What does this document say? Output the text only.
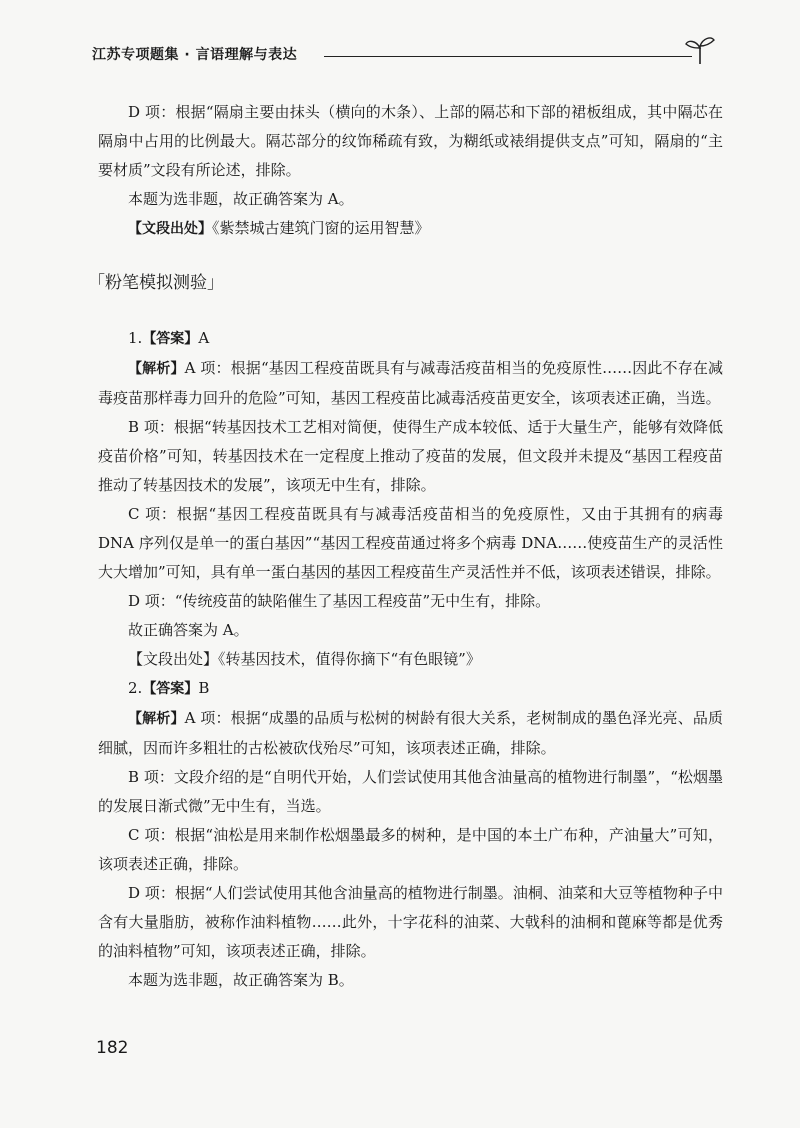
江苏专项题集 · 言语理解与表达

D 项：根据“隔扇主要由抹头（横向的木条）、上部的隔芯和下部的裙板组成，其中隔芯在隔扇中占用的比例最大。隔芯部分的纹饰稀疏有致，为糊纸或裱绢提供支点”可知，隔扇的“主要材质”文段有所论述，排除。

本题为选非题，故正确答案为 A。

【文段出处】《紫禁城古建筑门窗的运用智慧》

「粉笔模拟测验」

1.【答案】A

【解析】A 项：根据“基因工程疫苗既具有与减毒活疫苗相当的免疫原性……因此不存在减毒疫苗那样毒力回升的危险”可知，基因工程疫苗比减毒活疫苗更安全，该项表述正确，当选。

B 项：根据“转基因技术工艺相对简便，使得生产成本较低、适于大量生产，能够有效降低疫苗价格”可知，转基因技术在一定程度上推动了疫苗的发展，但文段并未提及“基因工程疫苗推动了转基因技术的发展”，该项无中生有，排除。

C 项：根据“基因工程疫苗既具有与减毒活疫苗相当的免疫原性，又由于其拥有的病毒 DNA 序列仅是单一的蛋白基因”“基因工程疫苗通过将多个病毒 DNA……使疫苗生产的灵活性大大增加”可知，具有单一蛋白基因的基因工程疫苗生产灵活性并不低，该项表述错误，排除。

D 项：“传统疫苗的缺陷催生了基因工程疫苗”无中生有，排除。

故正确答案为 A。

【文段出处】《转基因技术，值得你摘下“有色眼镜”》

2.【答案】B

【解析】A 项：根据“成墨的品质与松树的树龄有很大关系，老树制成的墨色泽光亮、品质细腻，因而许多粗壮的古松被砍伐殆尽”可知，该项表述正确，排除。

B 项：文段介绍的是“自明代开始，人们尝试使用其他含油量高的植物进行制墨”，“松烟墨的发展日渐式微”无中生有，当选。

C 项：根据“油松是用来制作松烟墨最多的树种，是中国的本土广布种，产油量大”可知，该项表述正确，排除。

D 项：根据“人们尝试使用其他含油量高的植物进行制墨。油桐、油菜和大豆等植物种子中含有大量脂肪，被称作油料植物……此外，十字花科的油菜、大戟科的油桐和蓖麻等都是优秀的油料植物”可知，该项表述正确，排除。

本题为选非题，故正确答案为 B。

182
